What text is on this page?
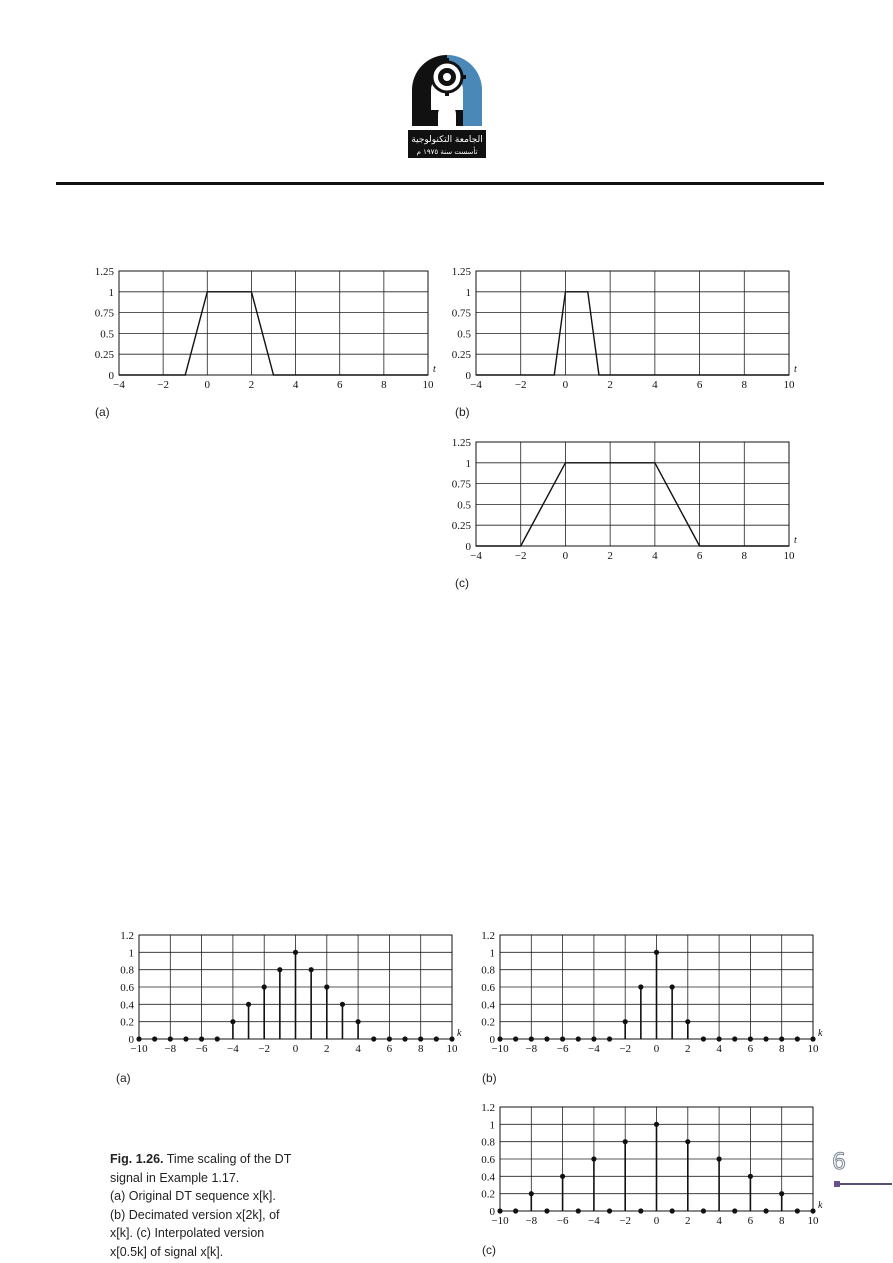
الجامعة التكنولوجية
تأسست سنة ١٩٧٥ م
−4	−2	0	2	4	6	8	10
0
0.25
0.5
0.75
1
1.25
t
−4	−2	0	2	4	6	8	10
0
0.25
0.5
0.75
1
1.25
t
−4	−2	0	2	4	6	8	10
0
0.25
0.5
0.75
1
1.25
t
(a)	(b)
(c)
−10 −8 −6 −4 −2 0 2 4 6 8 10
0
0.2
0.4
0.6
0.8
1
1.2
k
−10 −8 −6 −4 −2 0 2 4 6 8 10
0
0.2
0.4
0.6
0.8
1
1.2
k
−10 −8 −6 −4 −2 0 2 4 6 8 10
0
0.2
0.4
0.6
0.8
1
1.2
k
(a)	(b)
(c)
Fig. 1.26. Time scaling of the DT
signal in Example 1.17.
(a) Original DT sequence x[k].
(b) Decimated version x[2k], of
x[k]. (c) Interpolated version
x[0.5k] of signal x[k].
6
